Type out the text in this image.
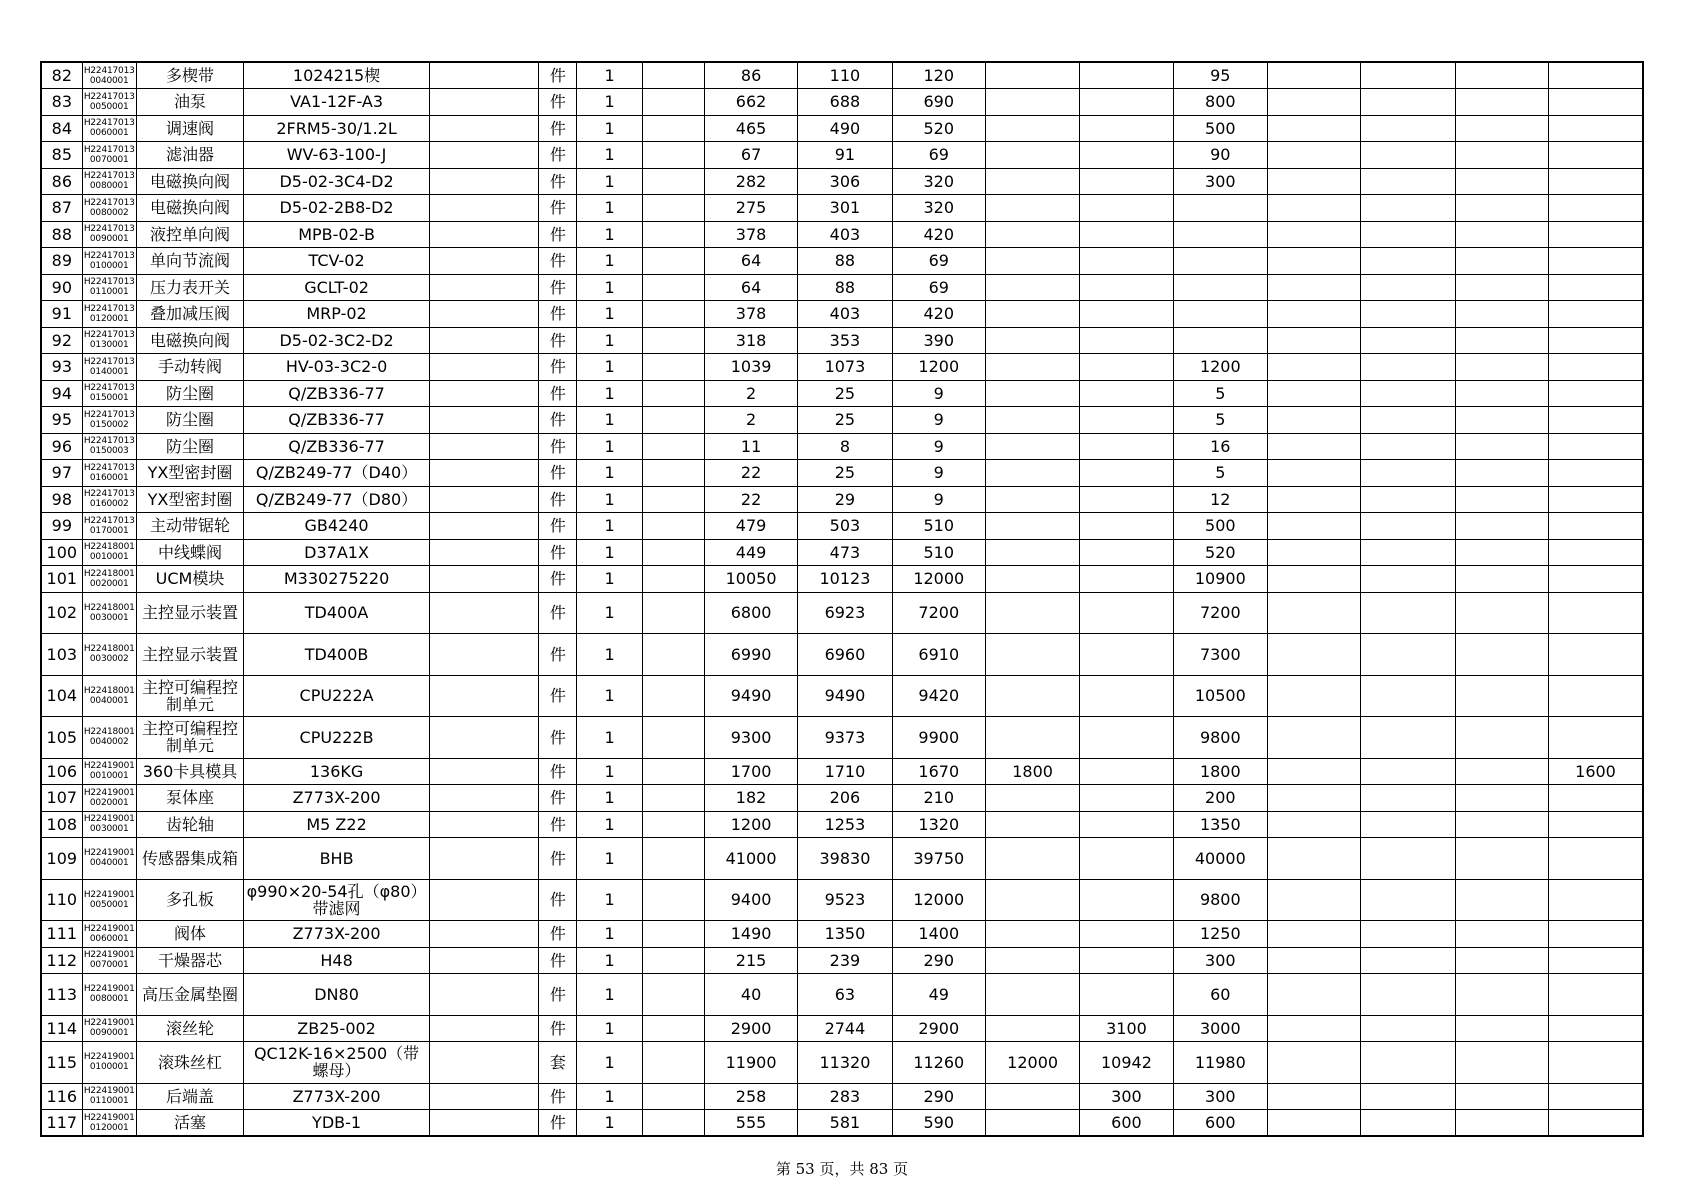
82	H224170130040001	多楔带	1024215楔		件	1		86	110	120			95				
83	H224170130050001	油泵	VA1-12F-A3		件	1		662	688	690			800				
84	H224170130060001	调速阀	2FRM5-30/1.2L		件	1		465	490	520			500				
85	H224170130070001	滤油器	WV-63-100-J		件	1		67	91	69			90				
86	H224170130080001	电磁换向阀	D5-02-3C4-D2		件	1		282	306	320			300				
87	H224170130080002	电磁换向阀	D5-02-2B8-D2		件	1		275	301	320							
88	H224170130090001	液控单向阀	MPB-02-B		件	1		378	403	420							
89	H224170130100001	单向节流阀	TCV-02		件	1		64	88	69							
90	H224170130110001	压力表开关	GCLT-02		件	1		64	88	69							
91	H224170130120001	叠加减压阀	MRP-02		件	1		378	403	420							
92	H224170130130001	电磁换向阀	D5-02-3C2-D2		件	1		318	353	390							
93	H224170130140001	手动转阀	HV-03-3C2-0		件	1		1039	1073	1200			1200				
94	H224170130150001	防尘圈	Q/ZB336-77		件	1		2	25	9			5				
95	H224170130150002	防尘圈	Q/ZB336-77		件	1		2	25	9			5				
96	H224170130150003	防尘圈	Q/ZB336-77		件	1		11	8	9			16				
97	H224170130160001	YX型密封圈	Q/ZB249-77（D40）		件	1		22	25	9			5				
98	H224170130160002	YX型密封圈	Q/ZB249-77（D80）		件	1		22	29	9			12				
99	H224170130170001	主动带锯轮	GB4240		件	1		479	503	510			500				
100	H224180010010001	中线蝶阀	D37A1X		件	1		449	473	510			520				
101	H224180010020001	UCM模块	M330275220		件	1		10050	10123	12000			10900				
102	H224180010030001	主控显示装置	TD400A		件	1		6800	6923	7200			7200				
103	H224180010030002	主控显示装置	TD400B		件	1		6990	6960	6910			7300				
104	H224180010040001	主控可编程控制单元	CPU222A		件	1		9490	9490	9420			10500				
105	H224180010040002	主控可编程控制单元	CPU222B		件	1		9300	9373	9900			9800				
106	H224190010010001	360卡具模具	136KG		件	1		1700	1710	1670	1800		1800				1600
107	H224190010020001	泵体座	Z773X-200		件	1		182	206	210			200				
108	H224190010030001	齿轮轴	M5 Z22		件	1		1200	1253	1320			1350				
109	H224190010040001	传感器集成箱	BHB		件	1		41000	39830	39750			40000				
110	H224190010050001	多孔板	φ990×20-54孔（φ80）带滤网		件	1		9400	9523	12000			9800				
111	H224190010060001	阀体	Z773X-200		件	1		1490	1350	1400			1250				
112	H224190010070001	干燥器芯	H48		件	1		215	239	290			300				
113	H224190010080001	高压金属垫圈	DN80		件	1		40	63	49			60				
114	H224190010090001	滚丝轮	ZB25-002		件	1		2900	2744	2900		3100	3000				
115	H224190010100001	滚珠丝杠	QC12K-16×2500（带螺母）		套	1		11900	11320	11260	12000	10942	11980				
116	H224190010110001	后端盖	Z773X-200		件	1		258	283	290		300	300				
117	H224190010120001	活塞	YDB-1		件	1		555	581	590		600	600				
第 53 页，共 83 页
